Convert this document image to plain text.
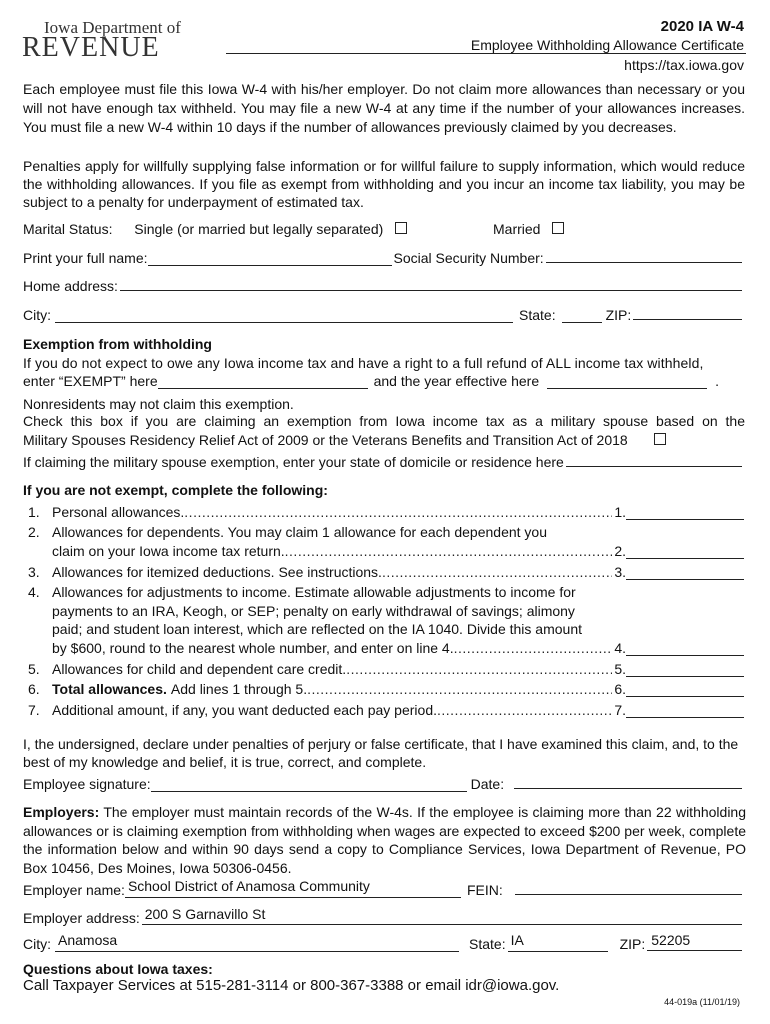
Iowa Department of
REVENUE
2020 IA W-4
Employee Withholding Allowance Certificate
https://tax.iowa.gov
Each employee must file this Iowa W-4 with his/her employer. Do not claim more allowances than necessary or you will not have enough tax withheld. You may file a new W-4 at any time if the number of your allowances increases. You must file a new W-4 within 10 days if the number of allowances previously claimed by you decreases.
Penalties apply for willfully supplying false information or for willful failure to supply information, which would reduce the withholding allowances. If you file as exempt from withholding and you incur an income tax liability, you may be subject to a penalty for underpayment of estimated tax.
Marital Status: Single (or married but legally separated)	Married
Print your full name:	Social Security Number:
Home address:
City:	State:	ZIP:
Exemption from withholding
If you do not expect to owe any Iowa income tax and have a right to a full refund of ALL income tax withheld,
enter “EXEMPT” here	and the year effective here	.
Nonresidents may not claim this exemption.
Check this box if you are claiming an exemption from Iowa income tax as a military spouse based on the
Military Spouses Residency Relief Act of 2009 or the Veterans Benefits and Transition Act of 2018
If claiming the military spouse exemption, enter your state of domicile or residence here
If you are not exempt, complete the following:
1. Personal allowances. .....	1.
2. Allowances for dependents. You may claim 1 allowance for each dependent you
claim on your Iowa income tax return. .....	2.
3. Allowances for itemized deductions. See instructions. .....	3.
4. Allowances for adjustments to income. Estimate allowable adjustments to income for
payments to an IRA, Keogh, or SEP; penalty on early withdrawal of savings; alimony
paid; and student loan interest, which are reflected on the IA 1040. Divide this amount
by $600, round to the nearest whole number, and enter on line 4. .....	4.
5. Allowances for child and dependent care credit. .....	5.
6. Total allowances. Add lines 1 through 5. .....	6.
7. Additional amount, if any, you want deducted each pay period. .....	7.
I, the undersigned, declare under penalties of perjury or false certificate, that I have examined this claim, and, to the best of my knowledge and belief, it is true, correct, and complete.
Employee signature:	Date:
Employers: The employer must maintain records of the W-4s. If the employee is claiming more than 22 withholding allowances or is claiming exemption from withholding when wages are expected to exceed $200 per week, complete the information below and within 90 days send a copy to Compliance Services, Iowa Department of Revenue, PO Box 10456, Des Moines, Iowa 50306-0456.
Employer name: School District of Anamosa Community	FEIN:
Employer address: 200 S Garnavillo St
City: Anamosa	State: IA	ZIP: 52205
Questions about Iowa taxes:
Call Taxpayer Services at 515-281-3114 or 800-367-3388 or email idr@iowa.gov.
44-019a (11/01/19)
